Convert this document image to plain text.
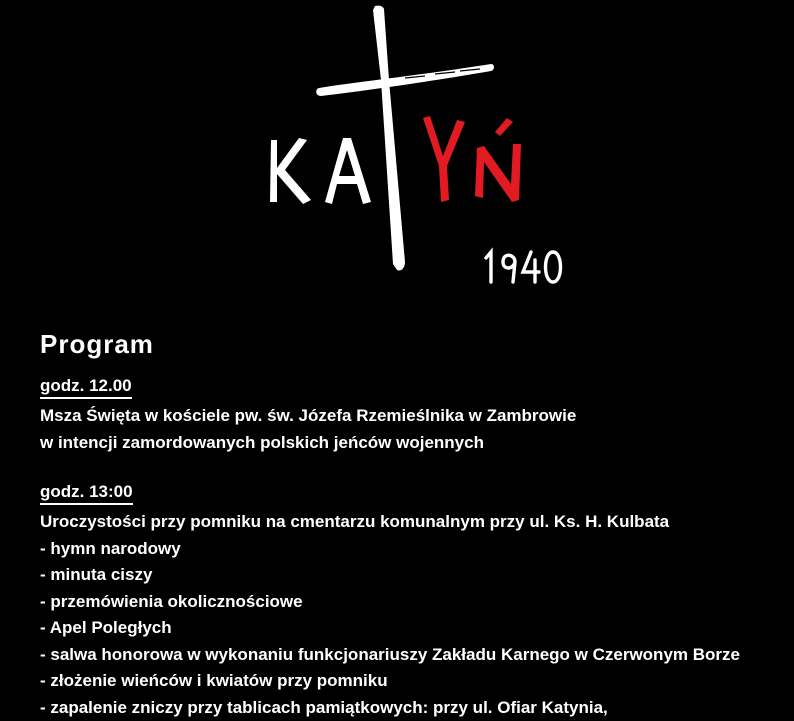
Program
godz. 12.00
Msza Święta w kościele pw. św. Józefa Rzemieślnika w Zambrowie
w intencji zamordowanych polskich jeńców wojennych
godz. 13:00
Uroczystości przy pomniku na cmentarzu komunalnym przy ul. Ks. H. Kulbata
- hymn narodowy
- minuta ciszy
- przemówienia okolicznościowe
- Apel Poległych
- salwa honorowa w wykonaniu funkcjonariuszy Zakładu Karnego w Czerwonym Borze
- złożenie wieńców i kwiatów przy pomniku
- zapalenie zniczy przy tablicach pamiątkowych: przy ul. Ofiar Katynia,
